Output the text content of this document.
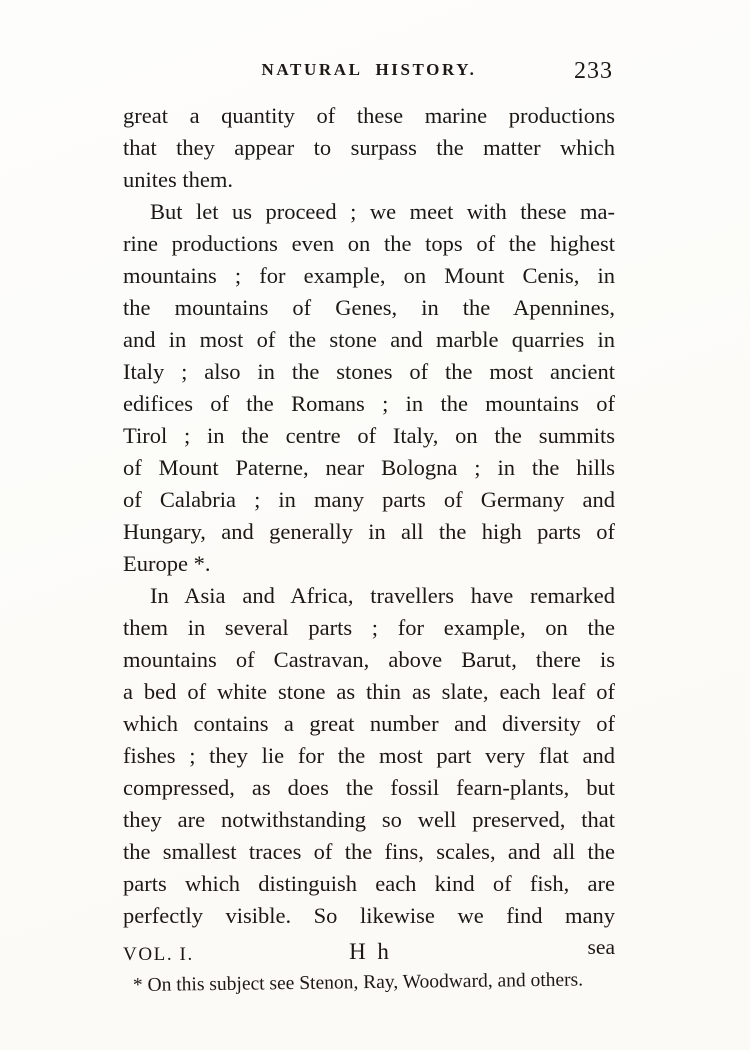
NATURAL HISTORY.	233
great a quantity of these marine productions
that they appear to surpass the matter which
unites them.
But let us proceed ; we meet with these ma-
rine productions even on the tops of the highest
mountains ; for example, on Mount Cenis, in
the mountains of Genes, in the Apennines,
and in most of the stone and marble quarries in
Italy ; also in the stones of the most ancient
edifices of the Romans ; in the mountains of
Tirol ; in the centre of Italy, on the summits
of Mount Paterne, near Bologna ; in the hills
of Calabria ; in many parts of Germany and
Hungary, and generally in all the high parts of
Europe *.
In Asia and Africa, travellers have remarked
them in several parts ; for example, on the
mountains of Castravan, above Barut, there is
a bed of white stone as thin as slate, each leaf of
which contains a great number and diversity of
fishes ; they lie for the most part very flat and
compressed, as does the fossil fearn-plants, but
they are notwithstanding so well preserved, that
the smallest traces of the fins, scales, and all the
parts which distinguish each kind of fish, are
perfectly visible. So likewise we find many
VOL. I.	H h	sea
* On this subject see Stenon, Ray, Woodward, and others.
